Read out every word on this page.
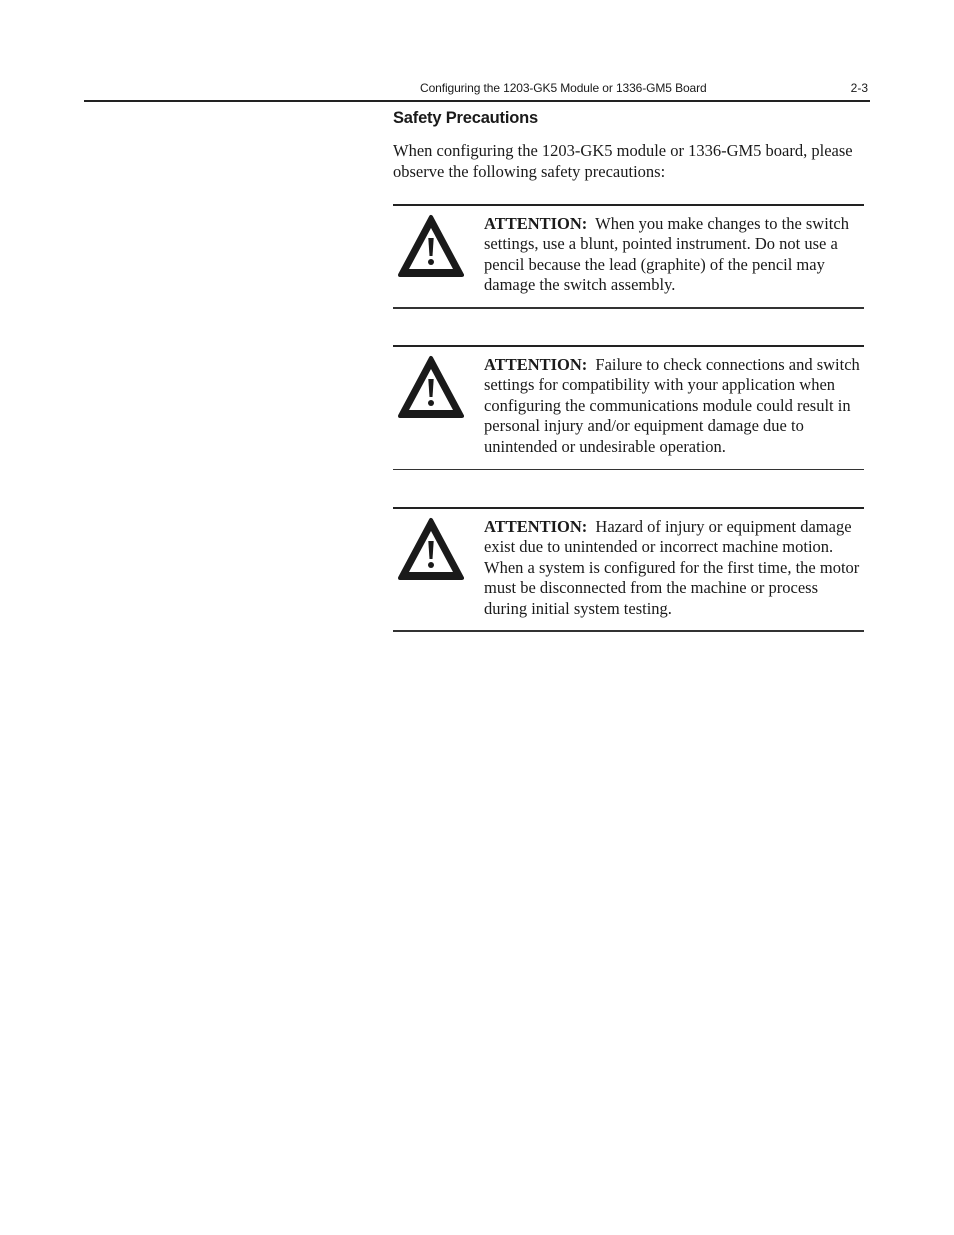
Configuring the 1203-GK5 Module or 1336-GM5 Board	2-3
Safety Precautions

When configuring the 1203-GK5 module or 1336-GM5 board, please observe the following safety precautions:

ATTENTION: When you make changes to the switch settings, use a blunt, pointed instrument. Do not use a pencil because the lead (graphite) of the pencil may damage the switch assembly.

ATTENTION: Failure to check connections and switch settings for compatibility with your application when configuring the communications module could result in personal injury and/or equipment damage due to unintended or undesirable operation.

ATTENTION: Hazard of injury or equipment damage exist due to unintended or incorrect machine motion. When a system is configured for the first time, the motor must be disconnected from the machine or process during initial system testing.
